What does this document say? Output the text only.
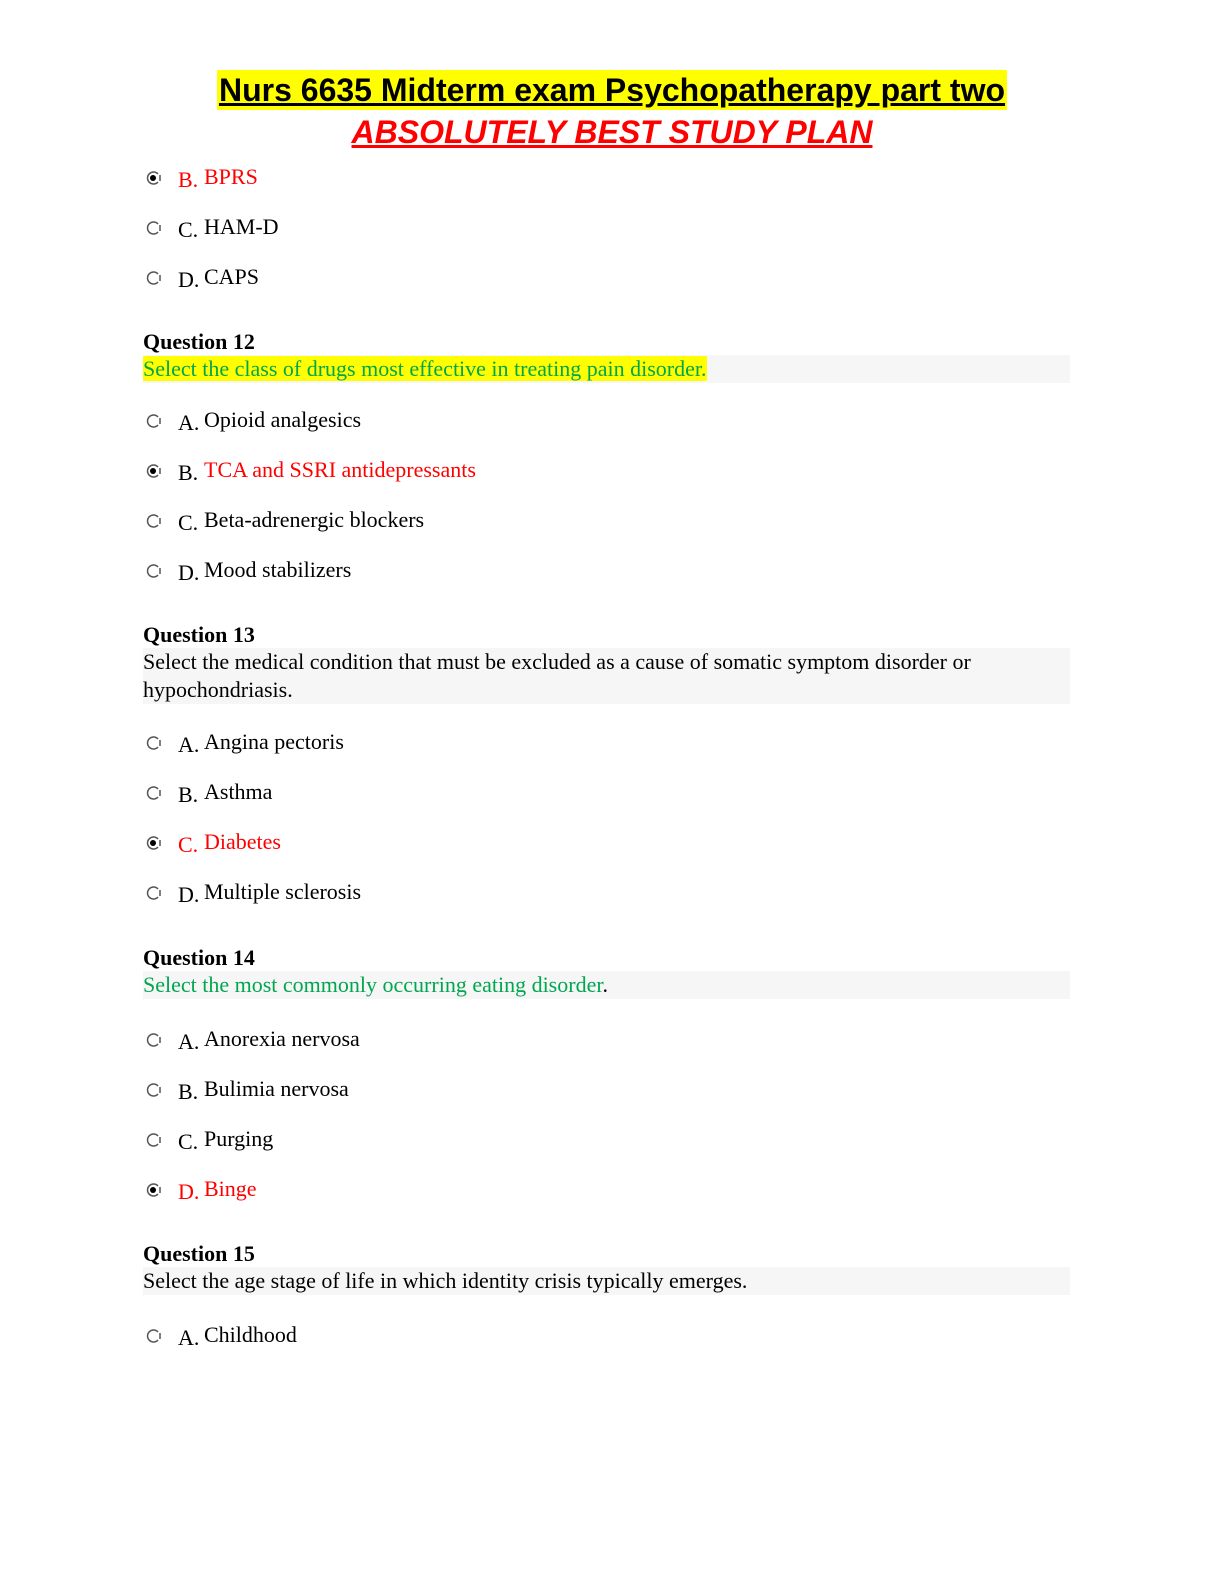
Nurs 6635 Midterm exam Psychopatherapy part two
ABSOLUTELY BEST STUDY PLAN
B. BPRS
C. HAM-D
D. CAPS
Question 12
Select the class of drugs most effective in treating pain disorder.
A. Opioid analgesics
B. TCA and SSRI antidepressants
C. Beta-adrenergic blockers
D. Mood stabilizers
Question 13
Select the medical condition that must be excluded as a cause of somatic symptom disorder or hypochondriasis.
A. Angina pectoris
B. Asthma
C. Diabetes
D. Multiple sclerosis
Question 14
Select the most commonly occurring eating disorder.
A. Anorexia nervosa
B. Bulimia nervosa
C. Purging
D. Binge
Question 15
Select the age stage of life in which identity crisis typically emerges.
A. Childhood
